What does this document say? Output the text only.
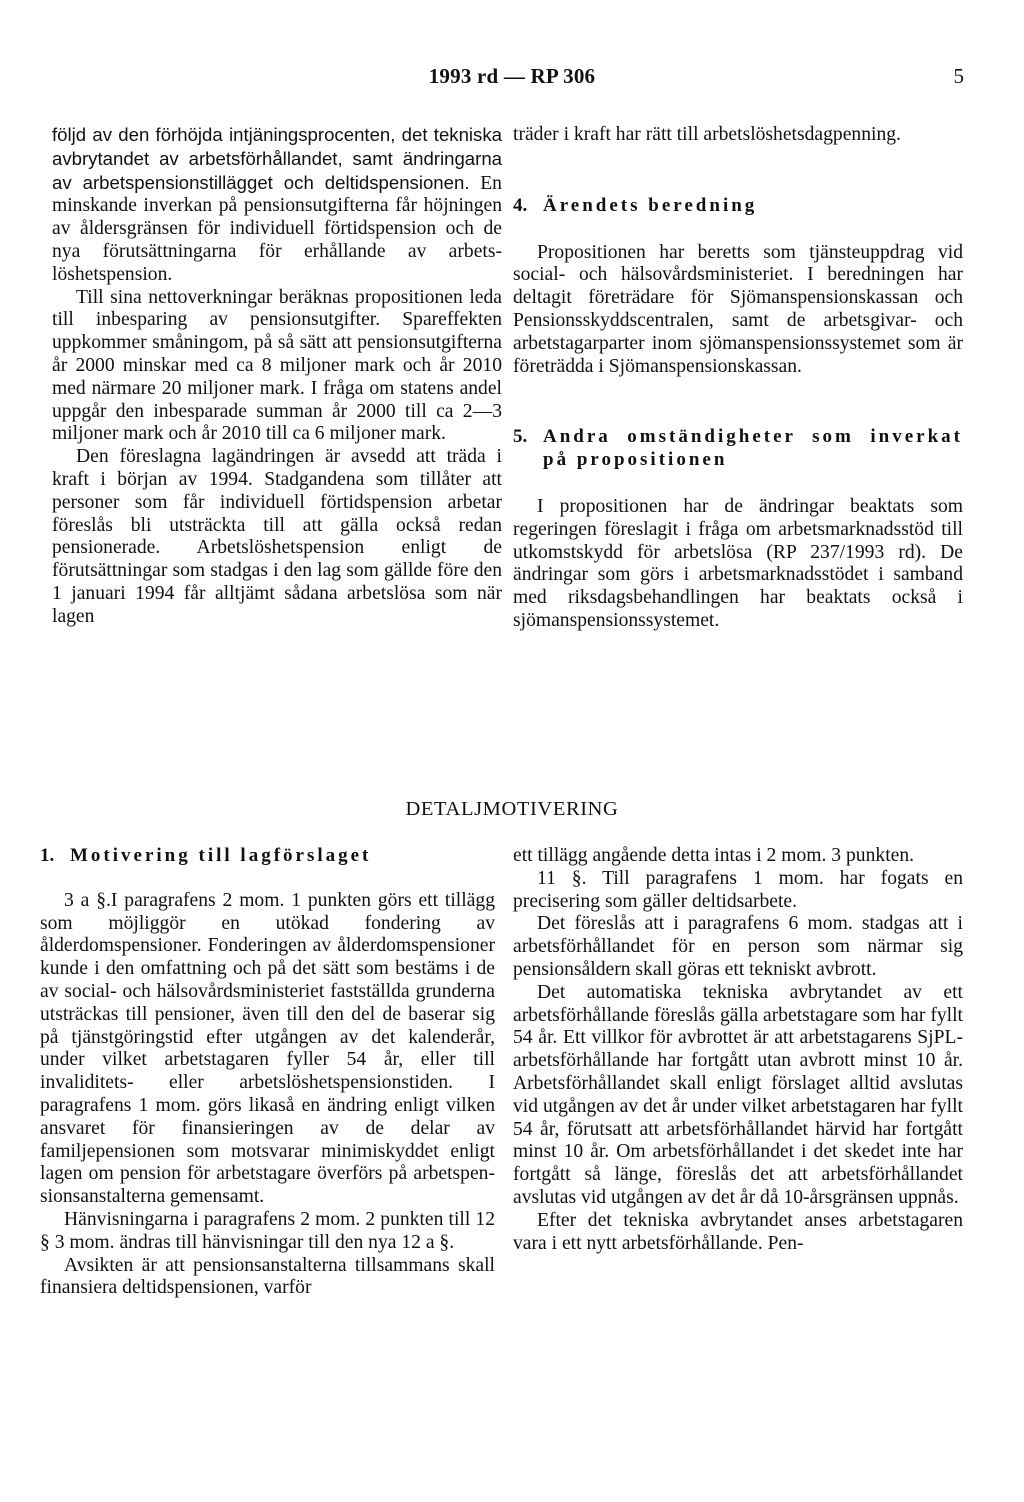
1993 rd — RP 306	5

följd av den förhöjda intjäningsprocenten, det tekniska avbrytandet av arbetsförhållandet, samt ändringarna av arbetspensionstillägget och deltidspensionen. En minskande inverkan på pensionsutgifterna får höjningen av åldersgränsen för individuell förtidspension och de nya förutsättningarna för erhållande av arbetslöshetspension.

Till sina nettoverkningar beräknas propositionen leda till inbesparing av pensionsutgifter. Spareffekten uppkommer småningom, på så sätt att pensionsutgifterna år 2000 minskar med ca 8 miljoner mark och år 2010 med närmare 20 miljoner mark. I fråga om statens andel uppgår den inbesparade summan år 2000 till ca 2—3 miljoner mark och år 2010 till ca 6 miljoner mark.

Den föreslagna lagändringen är avsedd att träda i kraft i början av 1994. Stadgandena som tillåter att personer som får individuell förtidspension arbetar föreslås bli utsträckta till att gälla också redan pensionerade. Arbetslöshetspension enligt de förutsättningar som stadgas i den lag som gällde före den 1 januari 1994 får alltjämt sådana arbetslösa som när lagen

träder i kraft har rätt till arbetslöshetsdagpenning.

4. Ärendets beredning

Propositionen har beretts som tjänsteuppdrag vid social- och hälsovårdsministeriet. I beredningen har deltagit företrädare för Sjömanspensionskassan och Pensionsskyddscentralen, samt de arbetsgivar- och arbetstagarparter inom sjömanspensionssystemet som är företrädda i Sjömanspensionskassan.

5. Andra omständigheter som inverkat på propositionen

I propositionen har de ändringar beaktats som regeringen föreslagit i fråga om arbetsmarknadsstöd till utkomstskydd för arbetslösa (RP 237/1993 rd). De ändringar som görs i arbetsmarknadsstödet i samband med riksdagsbehandlingen har beaktats också i sjömanspensionssystemet.

DETALJMOTIVERING
1. Motivering till lagförslaget

3 a §.I paragrafens 2 mom. 1 punkten görs ett tillägg som möjliggör en utökad fondering av ålderdomspensioner. Fonderingen av ålderdomspensioner kunde i den omfattning och på det sätt som bestäms i de av social- och hälsovårdsministeriet fastställda grunderna utsträckas till pensioner, även till den del de baserar sig på tjänstgöringstid efter utgången av det kalenderår, under vilket arbetstagaren fyller 54 år, eller till invaliditets- eller arbetslöshetspensionstiden. I paragrafens 1 mom. görs likaså en ändring enligt vilken ansvaret för finansieringen av de delar av familjepensionen som motsvarar minimiskyddet enligt lagen om pension för arbetstagare överförs på arbetspensionsanstalterna gemensamt.

Hänvisningarna i paragrafens 2 mom. 2 punkten till 12 § 3 mom. ändras till hänvisningar till den nya 12 a §.

Avsikten är att pensionsanstalterna tillsammans skall finansiera deltidspensionen, varför

ett tillägg angående detta intas i 2 mom. 3 punkten.

11 §. Till paragrafens 1 mom. har fogats en precisering som gäller deltidsarbete.

Det föreslås att i paragrafens 6 mom. stadgas att i arbetsförhållandet för en person som närmar sig pensionsåldern skall göras ett tekniskt avbrott.

Det automatiska tekniska avbrytandet av ett arbetsförhållande föreslås gälla arbetstagare som har fyllt 54 år. Ett villkor för avbrottet är att arbetstagarens SjPL-arbetsförhållande har fortgått utan avbrott minst 10 år. Arbetsförhållandet skall enligt förslaget alltid avslutas vid utgången av det år under vilket arbetstagaren har fyllt 54 år, förutsatt att arbetsförhållandet härvid har fortgått minst 10 år. Om arbetsförhållandet i det skedet inte har fortgått så länge, föreslås det att arbetsförhållandet avslutas vid utgången av det år då 10-årsgränsen uppnås.

Efter det tekniska avbrytandet anses arbetstagaren vara i ett nytt arbetsförhållande. Pen-
